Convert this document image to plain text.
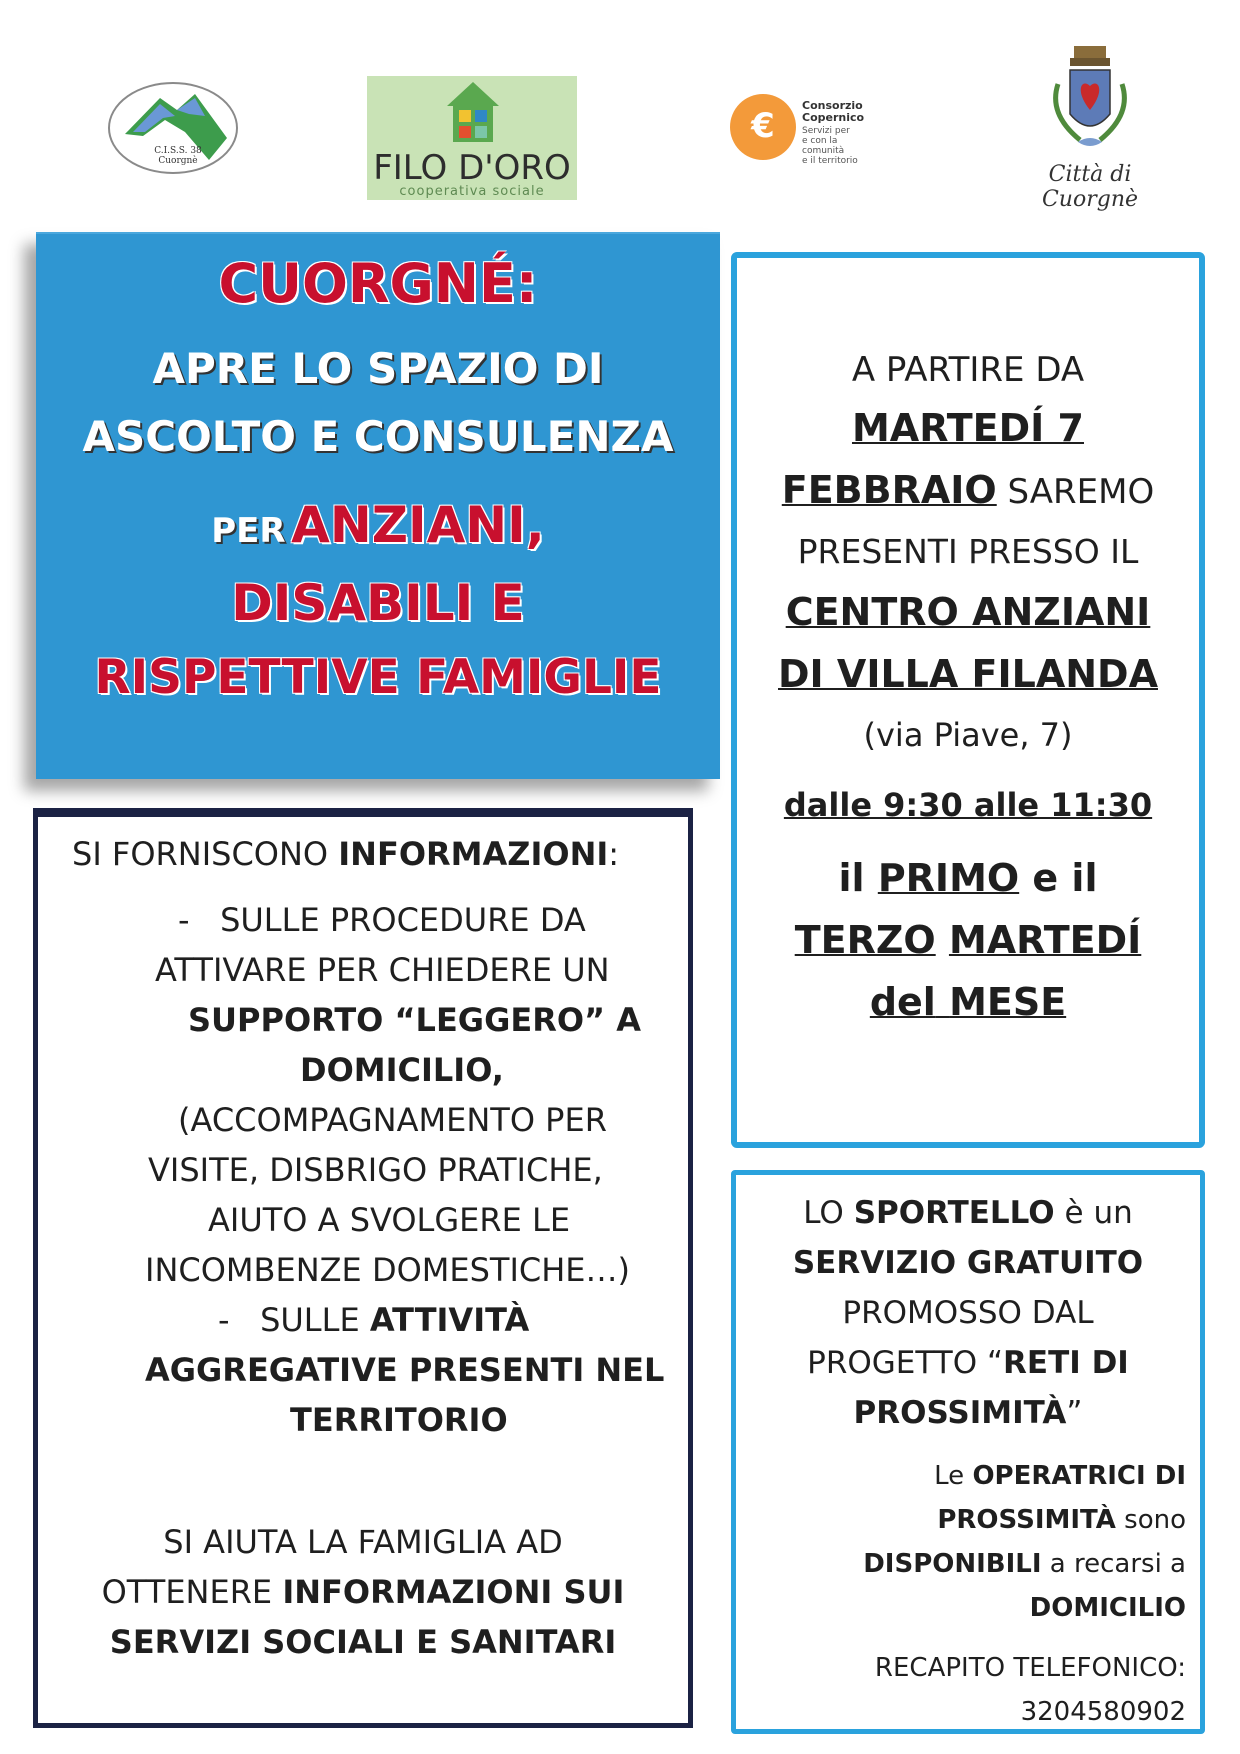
C.I.S.S. 38
Cuorgnè	FILO D'ORO
cooperativa sociale
€
Consorzio
Copernico
Servizi per
e con la
comunità
e il territorio
Città di Cuorgnè
CUORGNÉ:
APRE LO SPAZIO DI
ASCOLTO E CONSULENZA
PER ANZIANI,
DISABILI E
RISPETTIVE FAMIGLIE
A PARTIRE DA
MARTEDÍ 7
FEBBRAIO SAREMO
PRESENTI PRESSO IL
CENTRO ANZIANI
DI VILLA FILANDA
(via Piave, 7)
dalle 9:30 alle 11:30
il PRIMO e il
TERZO MARTEDÍ
del MESE
SI FORNISCONO INFORMAZIONI:
- SULLE PROCEDURE DA
ATTIVARE PER CHIEDERE UN
SUPPORTO “LEGGERO” A
DOMICILIO,
(ACCOMPAGNAMENTO PER
VISITE, DISBRIGO PRATICHE,
AIUTO A SVOLGERE LE
INCOMBENZE DOMESTICHE…)
- SULLE ATTIVITÀ
AGGREGATIVE PRESENTI NEL
TERRITORIO
SI AIUTA LA FAMIGLIA AD
OTTENERE INFORMAZIONI SUI
SERVIZI SOCIALI E SANITARI
LO SPORTELLO è un
SERVIZIO GRATUITO
PROMOSSO DAL
PROGETTO “RETI DI
PROSSIMITÀ”
Le OPERATRICI DI
PROSSIMITÀ sono
DISPONIBILI a recarsi a
DOMICILIO
RECAPITO TELEFONICO:
3204580902
